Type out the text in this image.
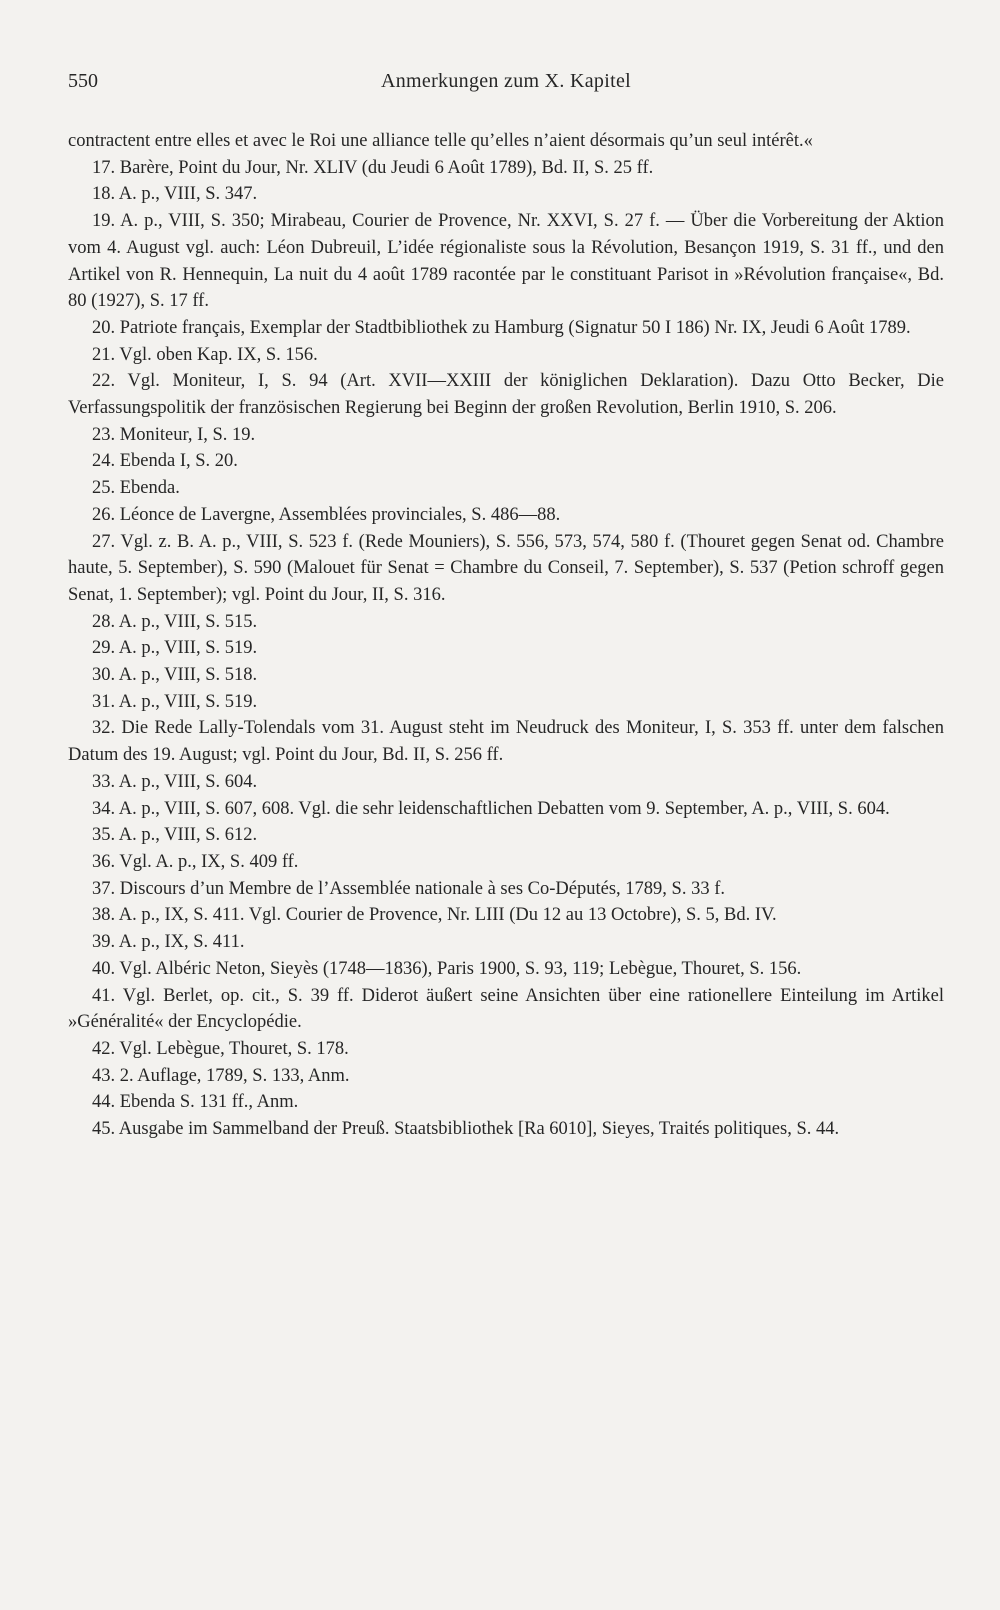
550	Anmerkungen zum X. Kapitel

contractent entre elles et avec le Roi une alliance telle qu’elles n’aient désormais qu’un seul intérêt.«

17. Barère, Point du Jour, Nr. XLIV (du Jeudi 6 Août 1789), Bd. II, S. 25 ff.

18. A. p., VIII, S. 347.

19. A. p., VIII, S. 350; Mirabeau, Courier de Provence, Nr. XXVI, S. 27 f. — Über die Vorbereitung der Aktion vom 4. August vgl. auch: Léon Dubreuil, L’idée régionaliste sous la Révolution, Besançon 1919, S. 31 ff., und den Artikel von R. Hennequin, La nuit du 4 août 1789 racontée par le constituant Parisot in »Révolution française«, Bd. 80 (1927), S. 17 ff.

20. Patriote français, Exemplar der Stadtbibliothek zu Hamburg (Signatur 50 I 186) Nr. IX, Jeudi 6 Août 1789.

21. Vgl. oben Kap. IX, S. 156.

22. Vgl. Moniteur, I, S. 94 (Art. XVII—XXIII der königlichen Deklaration). Dazu Otto Becker, Die Verfassungspolitik der französischen Regierung bei Beginn der großen Revolution, Berlin 1910, S. 206.

23. Moniteur, I, S. 19.

24. Ebenda I, S. 20.

25. Ebenda.

26. Léonce de Lavergne, Assemblées provinciales, S. 486—88.

27. Vgl. z. B. A. p., VIII, S. 523 f. (Rede Mouniers), S. 556, 573, 574, 580 f. (Thouret gegen Senat od. Chambre haute, 5. September), S. 590 (Malouet für Senat = Chambre du Conseil, 7. September), S. 537 (Petion schroff gegen Senat, 1. September); vgl. Point du Jour, II, S. 316.

28. A. p., VIII, S. 515.

29. A. p., VIII, S. 519.

30. A. p., VIII, S. 518.

31. A. p., VIII, S. 519.

32. Die Rede Lally-Tolendals vom 31. August steht im Neudruck des Moniteur, I, S. 353 ff. unter dem falschen Datum des 19. August; vgl. Point du Jour, Bd. II, S. 256 ff.

33. A. p., VIII, S. 604.

34. A. p., VIII, S. 607, 608. Vgl. die sehr leidenschaftlichen Debatten vom 9. September, A. p., VIII, S. 604.

35. A. p., VIII, S. 612.

36. Vgl. A. p., IX, S. 409 ff.

37. Discours d’un Membre de l’Assemblée nationale à ses Co-Députés, 1789, S. 33 f.

38. A. p., IX, S. 411. Vgl. Courier de Provence, Nr. LIII (Du 12 au 13 Octobre), S. 5, Bd. IV.

39. A. p., IX, S. 411.

40. Vgl. Albéric Neton, Sieyès (1748—1836), Paris 1900, S. 93, 119; Lebègue, Thouret, S. 156.

41. Vgl. Berlet, op. cit., S. 39 ff. Diderot äußert seine Ansichten über eine rationellere Einteilung im Artikel »Généralité« der Encyclopédie.

42. Vgl. Lebègue, Thouret, S. 178.

43. 2. Auflage, 1789, S. 133, Anm.

44. Ebenda S. 131 ff., Anm.

45. Ausgabe im Sammelband der Preuß. Staatsbibliothek [Ra 6010], Sieyes, Traités politiques, S. 44.
